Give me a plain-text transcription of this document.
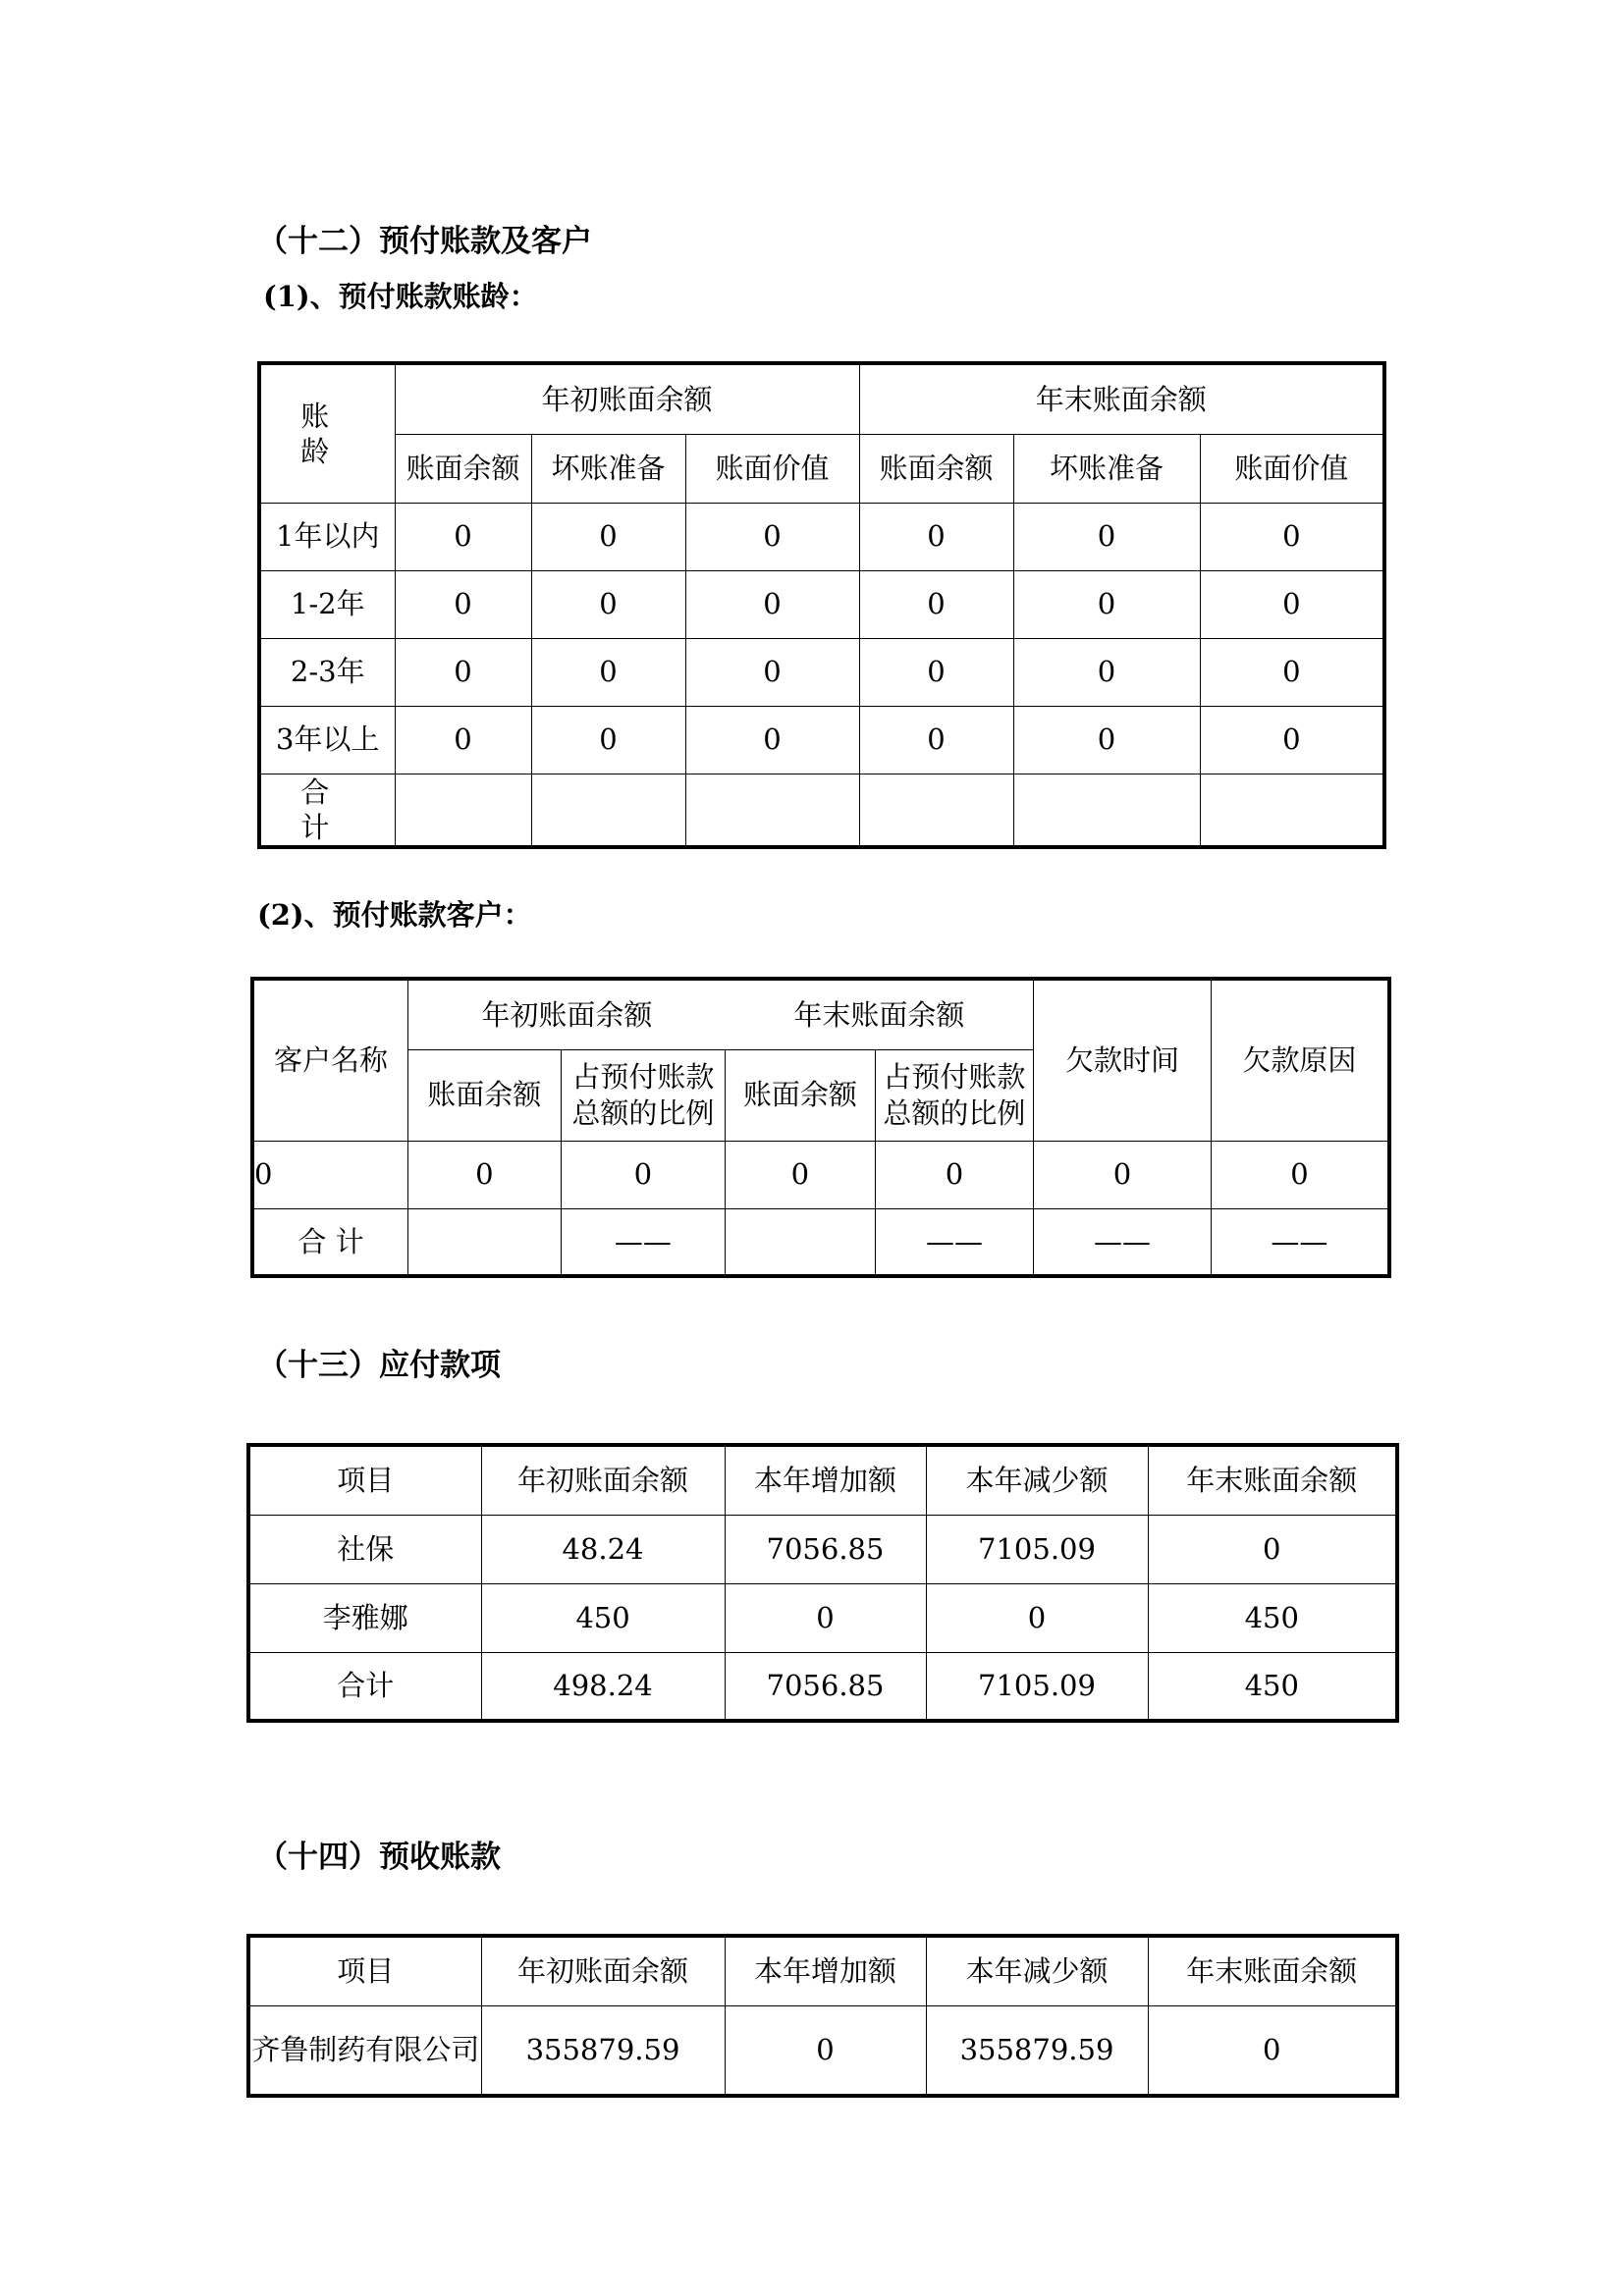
（十二）预付账款及客户
(1)、预付账款账龄：
账 龄	年初账面余额			年末账面余额		
	账面余额	坏账准备	账面价值	账面余额	坏账准备	账面价值
1年以内	0	0	0	0	0	0
1-2年	0	0	0	0	0	0
2-3年	0	0	0	0	0	0
3年以上	0	0	0	0	0	0
合 计						
(2)、预付账款客户：
客户名称	年初账面余额		年末账面余额		欠款时间	欠款原因
	账面余额	占预付账款总额的比例	账面余额	占预付账款总额的比例		
0	0	0	0	0	0	0
合 计		——		——	——	——
（十三）应付款项
项目	年初账面余额	本年增加额	本年减少额	年末账面余额
社保	48.24	7056.85	7105.09	0
李雅娜	450	0	0	450
合计	498.24	7056.85	7105.09	450
（十四）预收账款
项目	年初账面余额	本年增加额	本年减少额	年末账面余额
齐鲁制药有限公司	355879.59	0	355879.59	0
